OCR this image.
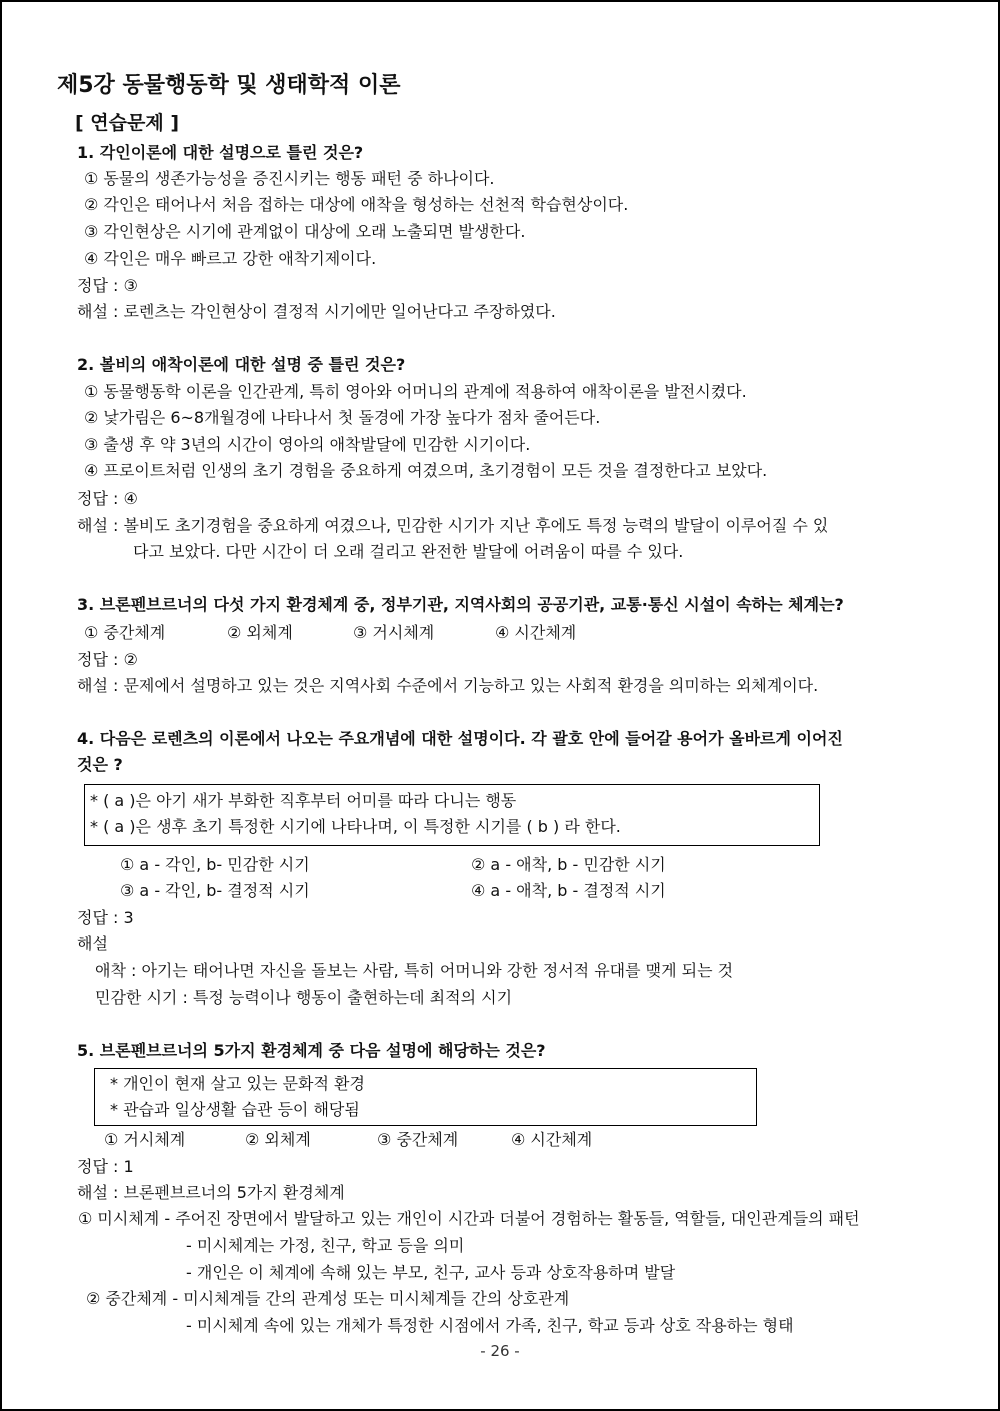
제5강 동물행동학 및 생태학적 이론
[ 연습문제 ]
1. 각인이론에 대한 설명으로 틀린 것은?
① 동물의 생존가능성을 증진시키는 행동 패턴 중 하나이다.
② 각인은 태어나서 처음 접하는 대상에 애착을 형성하는 선천적 학습현상이다.
③ 각인현상은 시기에 관계없이 대상에 오래 노출되면 발생한다.
④ 각인은 매우 빠르고 강한 애착기제이다.
정답 : ③
해설 : 로렌츠는 각인현상이 결정적 시기에만 일어난다고 주장하였다.
2. 볼비의 애착이론에 대한 설명 중 틀린 것은?
① 동물행동학 이론을 인간관계, 특히 영아와 어머니의 관계에 적용하여 애착이론을 발전시켰다.
② 낯가림은 6~8개월경에 나타나서 첫 돌경에 가장 높다가 점차 줄어든다.
③ 출생 후 약 3년의 시간이 영아의 애착발달에 민감한 시기이다.
④ 프로이트처럼 인생의 초기 경험을 중요하게 여겼으며, 초기경험이 모든 것을 결정한다고 보았다.
정답 : ④
해설 : 볼비도 초기경험을 중요하게 여겼으나, 민감한 시기가 지난 후에도 특정 능력의 발달이 이루어질 수 있
다고 보았다. 다만 시간이 더 오래 걸리고 완전한 발달에 어려움이 따를 수 있다.
3. 브론펜브르너의 다섯 가지 환경체계 중, 정부기관, 지역사회의 공공기관, 교통·통신 시설이 속하는 체계는?
① 중간체계	② 외체계	③ 거시체계	④ 시간체계
정답 : ②
해설 : 문제에서 설명하고 있는 것은 지역사회 수준에서 기능하고 있는 사회적 환경을 의미하는 외체계이다.
4. 다음은 로렌츠의 이론에서 나오는 주요개념에 대한 설명이다. 각 괄호 안에 들어갈 용어가 올바르게 이어진
것은 ?
* ( a )은 아기 새가 부화한 직후부터 어미를 따라 다니는 행동
* ( a )은 생후 초기 특정한 시기에 나타나며, 이 특정한 시기를 ( b ) 라 한다.
① a - 각인, b- 민감한 시기	② a - 애착, b - 민감한 시기
③ a - 각인, b- 결정적 시기	④ a - 애착, b - 결정적 시기
정답 : 3
해설
애착 : 아기는 태어나면 자신을 돌보는 사람, 특히 어머니와 강한 정서적 유대를 맺게 되는 것
민감한 시기 : 특정 능력이나 행동이 출현하는데 최적의 시기
5. 브론펜브르너의 5가지 환경체계 중 다음 설명에 해당하는 것은?
* 개인이 현재 살고 있는 문화적 환경
* 관습과 일상생활 습관 등이 해당됨
① 거시체계	② 외체계	③ 중간체계	④ 시간체계
정답 : 1
해설 : 브론펜브르너의 5가지 환경체계
① 미시체계 - 주어진 장면에서 발달하고 있는 개인이 시간과 더불어 경험하는 활동들, 역할들, 대인관계들의 패턴
- 미시체계는 가정, 친구, 학교 등을 의미
- 개인은 이 체계에 속해 있는 부모, 친구, 교사 등과 상호작용하며 발달
② 중간체계 - 미시체계들 간의 관계성 또는 미시체계들 간의 상호관계
- 미시체계 속에 있는 개체가 특정한 시점에서 가족, 친구, 학교 등과 상호 작용하는 형태
- 26 -
